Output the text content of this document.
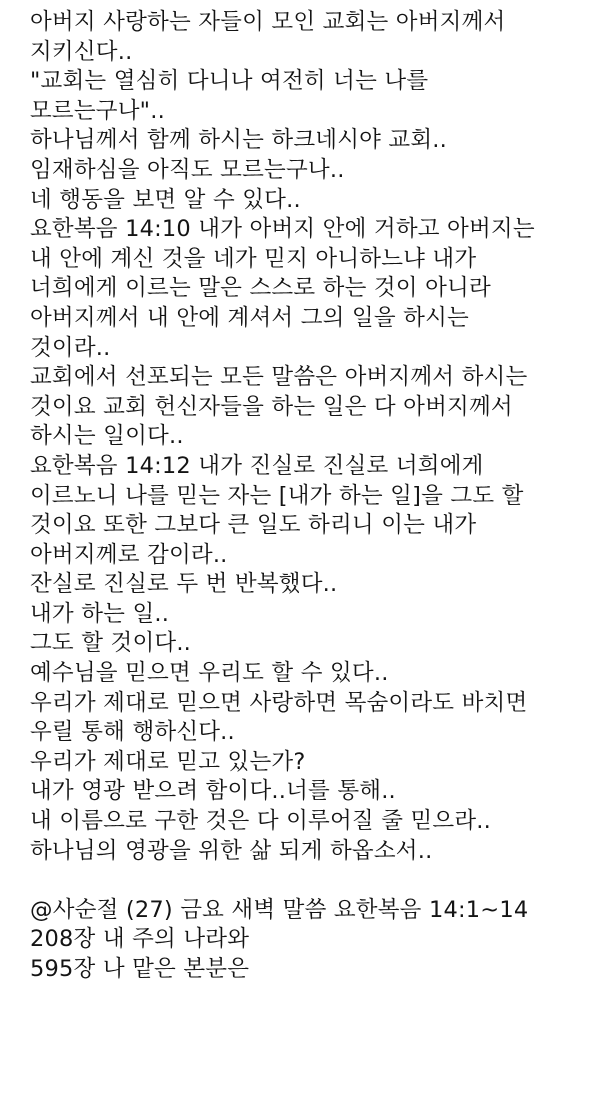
아버지 사랑하는 자들이 모인 교회는 아버지께서
지키신다..
"교회는 열심히 다니나 여전히 너는 나를
모르는구나"..
하나님께서 함께 하시는 하크네시야 교회..
임재하심을 아직도 모르는구나..
네 행동을 보면 알 수 있다..
요한복음 14:10 내가 아버지 안에 거하고 아버지는
내 안에 계신 것을 네가 믿지 아니하느냐 내가
너희에게 이르는 말은 스스로 하는 것이 아니라
아버지께서 내 안에 계셔서 그의 일을 하시는
것이라..
교회에서 선포되는 모든 말씀은 아버지께서 하시는
것이요 교회 헌신자들을 하는 일은 다 아버지께서
하시는 일이다..
요한복음 14:12 내가 진실로 진실로 너희에게
이르노니 나를 믿는 자는 [내가 하는 일]을 그도 할
것이요 또한 그보다 큰 일도 하리니 이는 내가
아버지께로 감이라..
잔실로 진실로 두 번 반복했다..
내가 하는 일..
그도 할 것이다..
예수님을 믿으면 우리도 할 수 있다..
우리가 제대로 믿으면 사랑하면 목숨이라도 바치면
우릴 통해 행하신다..
우리가 제대로 믿고 있는가?
내가 영광 받으려 함이다..너를 통해..
내 이름으로 구한 것은 다 이루어질 줄 믿으라..
하나님의 영광을 위한 삶 되게 하옵소서..
@사순절 (27) 금요 새벽 말씀 요한복음 14:1~14
208장 내 주의 나라와
595장 나 맡은 본분은
